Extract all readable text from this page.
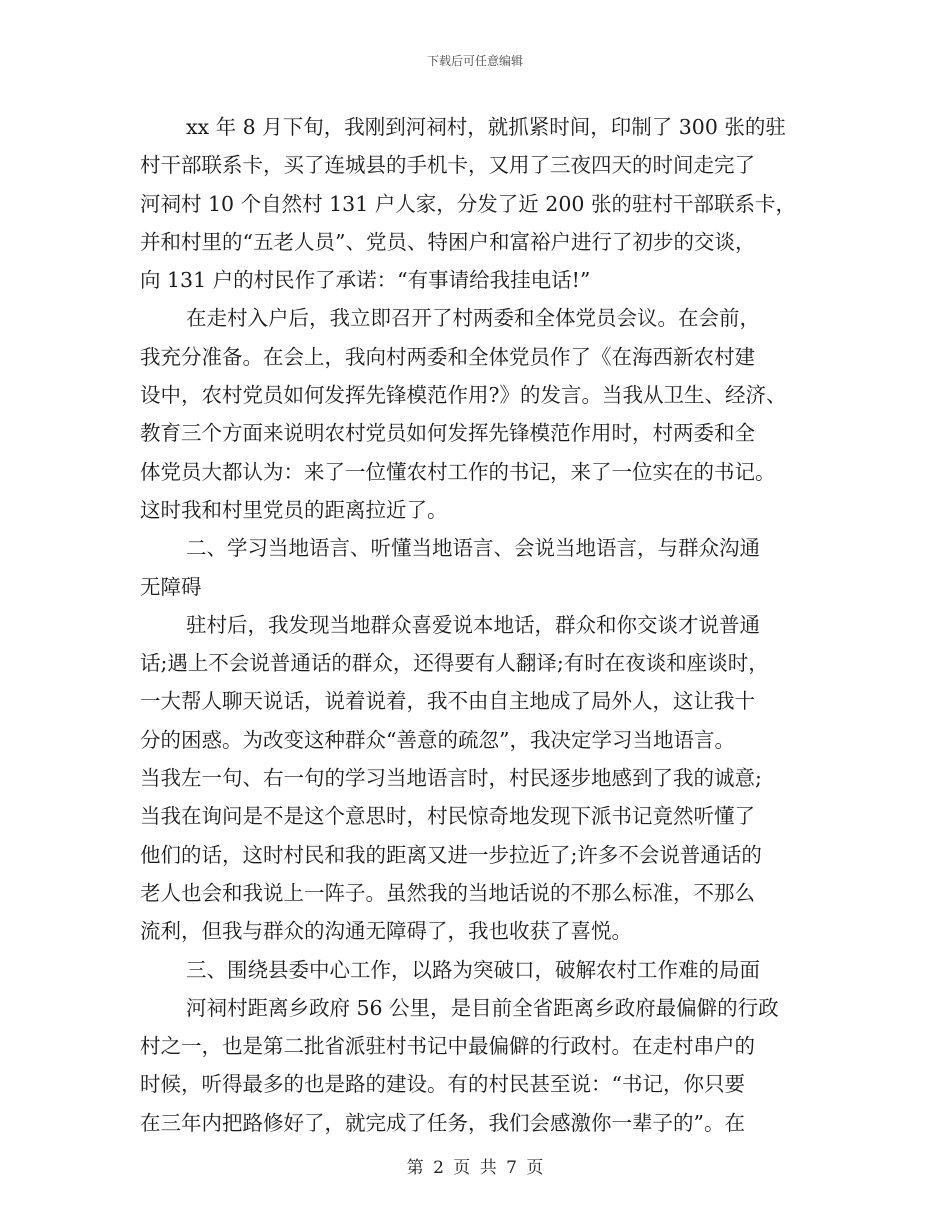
下载后可任意编辑
xx 年 8 月下旬，我刚到河祠村，就抓紧时间，印制了 300 张的驻
村干部联系卡，买了连城县的手机卡，又用了三夜四天的时间走完了
河祠村 10 个自然村 131 户人家，分发了近 200 张的驻村干部联系卡，
并和村里的“五老人员”、党员、特困户和富裕户进行了初步的交谈，
向 131 户的村民作了承诺：“有事请给我挂电话!”
在走村入户后，我立即召开了村两委和全体党员会议。在会前，
我充分准备。在会上，我向村两委和全体党员作了《在海西新农村建
设中，农村党员如何发挥先锋模范作用?》的发言。当我从卫生、经济、
教育三个方面来说明农村党员如何发挥先锋模范作用时，村两委和全
体党员大都认为：来了一位懂农村工作的书记，来了一位实在的书记。
这时我和村里党员的距离拉近了。
二、学习当地语言、听懂当地语言、会说当地语言，与群众沟通
无障碍
驻村后，我发现当地群众喜爱说本地话，群众和你交谈才说普通
话;遇上不会说普通话的群众，还得要有人翻译;有时在夜谈和座谈时，
一大帮人聊天说话，说着说着，我不由自主地成了局外人，这让我十
分的困惑。为改变这种群众“善意的疏忽”，我决定学习当地语言。
当我左一句、右一句的学习当地语言时，村民逐步地感到了我的诚意;
当我在询问是不是这个意思时，村民惊奇地发现下派书记竟然听懂了
他们的话，这时村民和我的距离又进一步拉近了;许多不会说普通话的
老人也会和我说上一阵子。虽然我的当地话说的不那么标准，不那么
流利，但我与群众的沟通无障碍了，我也收获了喜悦。
三、围绕县委中心工作，以路为突破口，破解农村工作难的局面
河祠村距离乡政府 56 公里，是目前全省距离乡政府最偏僻的行政
村之一，也是第二批省派驻村书记中最偏僻的行政村。在走村串户的
时候，听得最多的也是路的建设。有的村民甚至说：“书记，你只要
在三年内把路修好了，就完成了任务，我们会感激你一辈子的”。在
第 2 页 共 7 页
